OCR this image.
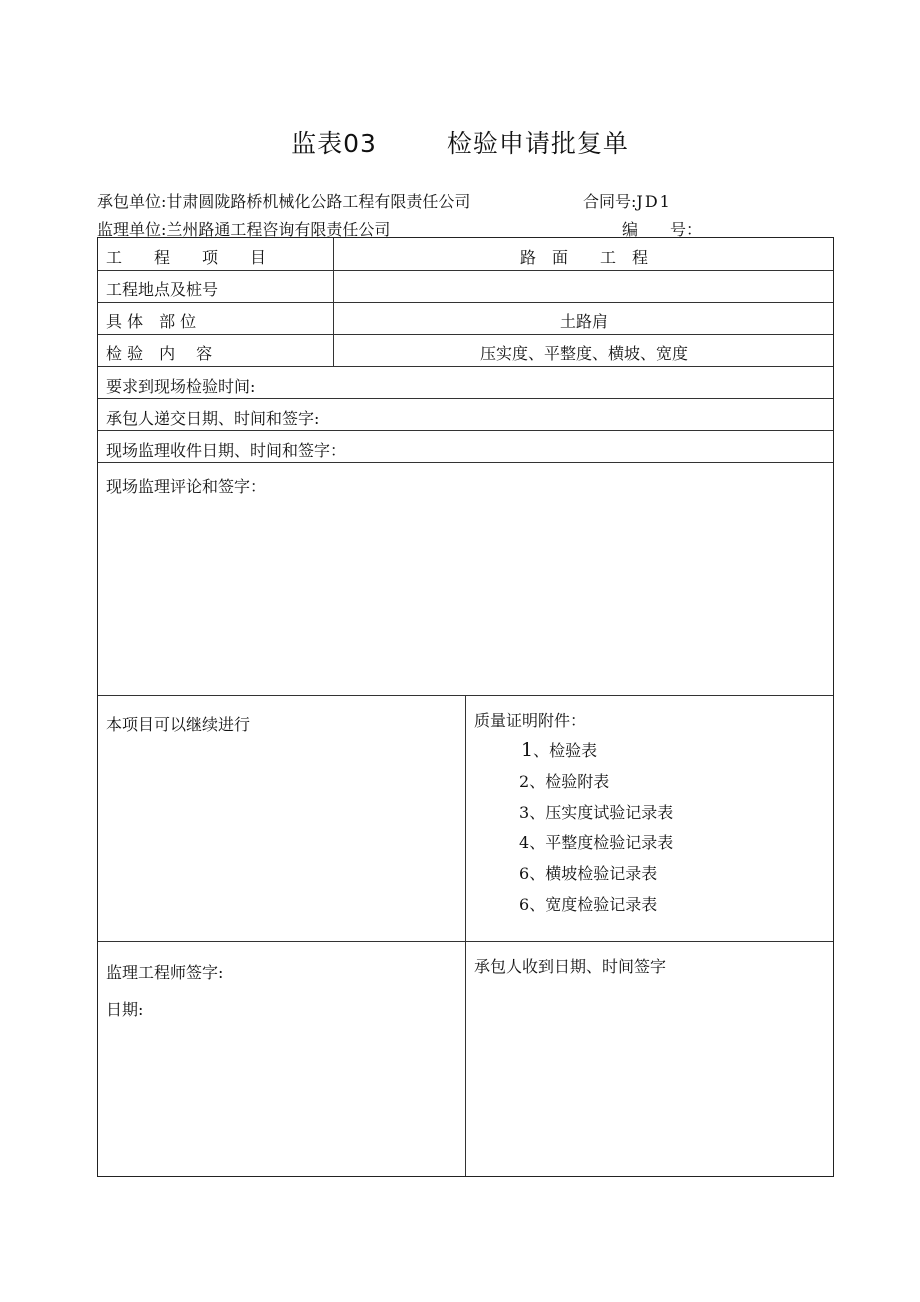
监表03	检验申请批复单
承包单位:甘肃圆陇路桥机械化公路工程有限责任公司	合同号:JD1
监理单位:兰州路通工程咨询有限责任公司	编　　号：
工　　程　　项　　目	路　面　　工　程
工程地点及桩号
具 体　部 位	土路肩
检 验　内　 容	压实度、平整度、横坡、宽度
要求到现场检验时间:
承包人递交日期、时间和签字:
现场监理收件日期、时间和签字：
现场监理评论和签字：
本项目可以继续进行	质量证明附件：
1、检验表
2、检验附表
3、压实度试验记录表
4、平整度检验记录表
6、横坡检验记录表
6、宽度检验记录表
监理工程师签字:
日期:
承包人收到日期、时间签字
